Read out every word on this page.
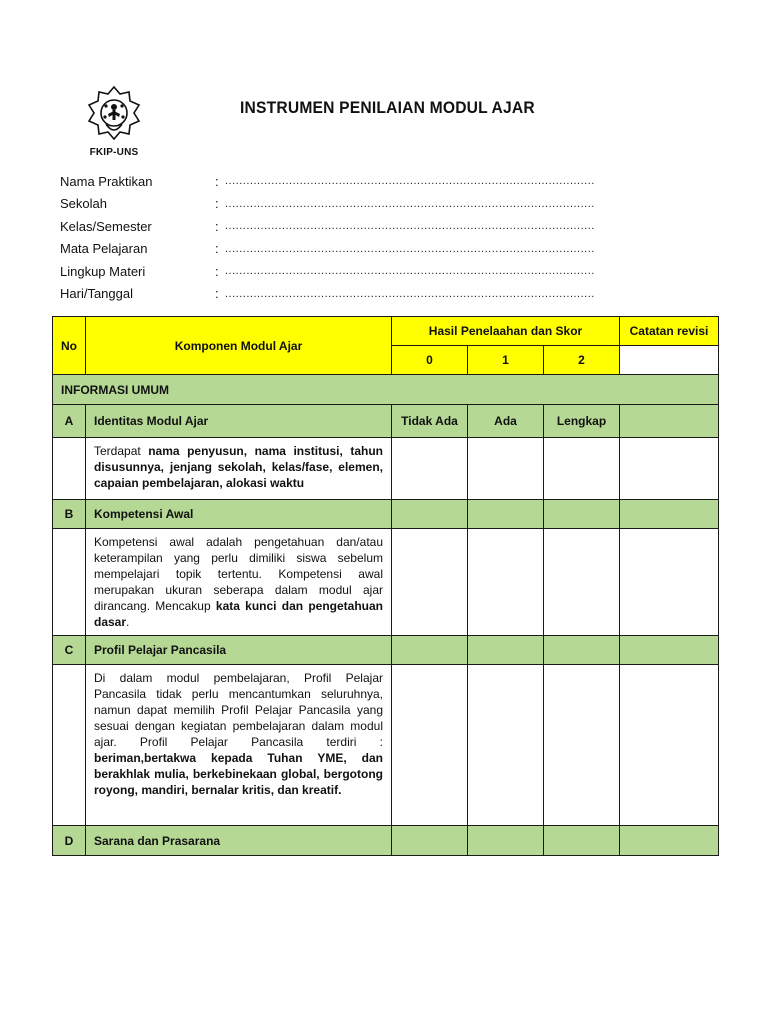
FKIP-UNS
INSTRUMEN PENILAIAN MODUL AJAR
Nama Praktikan	: ........................................................................................................
Sekolah	: ........................................................................................................
Kelas/Semester	: ........................................................................................................
Mata Pelajaran	: ........................................................................................................
Lingkup Materi	: ........................................................................................................
Hari/Tanggal	: ........................................................................................................
No	Komponen Modul Ajar	Hasil Penelaahan dan Skor			Catatan revisi
		0	1	2	
INFORMASI UMUM					
A	Identitas Modul Ajar	Tidak Ada	Ada	Lengkap	
	Terdapat nama penyusun, nama institusi, tahun disusunnya, jenjang sekolah, kelas/fase, elemen, capaian pembelajaran, alokasi waktu				
B	Kompetensi Awal				
	Kompetensi awal adalah pengetahuan dan/atau keterampilan yang perlu dimiliki siswa sebelum mempelajari topik tertentu. Kompetensi awal merupakan ukuran seberapa dalam modul ajar dirancang. Mencakup kata kunci dan pengetahuan dasar.				
C	Profil Pelajar Pancasila				
	Di dalam modul pembelajaran, Profil Pelajar Pancasila tidak perlu mencantumkan seluruhnya, namun dapat memilih Profil Pelajar Pancasila yang sesuai dengan kegiatan pembelajaran dalam modul ajar. Profil Pelajar Pancasila terdiri : beriman,bertakwa kepada Tuhan YME, dan berakhlak mulia, berkebinekaan global, bergotong royong, mandiri, bernalar kritis, dan kreatif.				
D	Sarana dan Prasarana				
